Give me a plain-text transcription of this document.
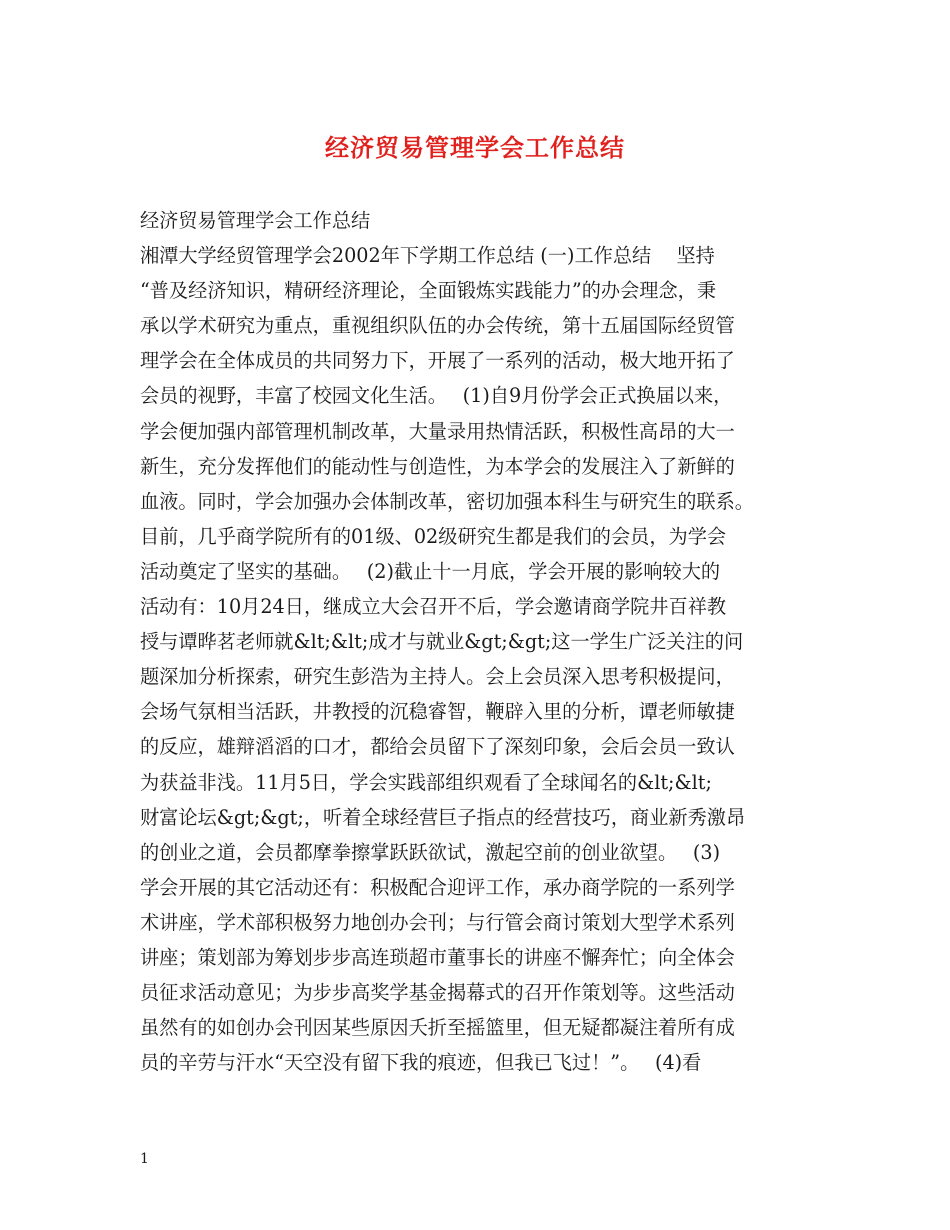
经济贸易管理学会工作总结
经济贸易管理学会工作总结
湘潭大学经贸管理学会2002年下学期工作总结 (一)工作总结　 坚持
“普及经济知识，精研经济理论，全面锻炼实践能力”的办会理念，秉
承以学术研究为重点，重视组织队伍的办会传统，第十五届国际经贸管
理学会在全体成员的共同努力下，开展了一系列的活动，极大地开拓了
会员的视野，丰富了校园文化生活。　 (1)自9月份学会正式换届以来，
学会便加强内部管理机制改革，大量录用热情活跃，积极性高昂的大一
新生，充分发挥他们的能动性与创造性，为本学会的发展注入了新鲜的
血液。同时，学会加强办会体制改革，密切加强本科生与研究生的联系。
目前，几乎商学院所有的01级、02级研究生都是我们的会员，为学会
活动奠定了坚实的基础。　 (2)截止十一月底，学会开展的影响较大的
活动有：10月24日，继成立大会召开不后，学会邀请商学院井百祥教
授与谭晔茗老师就&lt;&lt;成才与就业&gt;&gt;这一学生广泛关注的问
题深加分析探索，研究生彭浩为主持人。会上会员深入思考积极提问，
会场气氛相当活跃，井教授的沉稳睿智，鞭辟入里的分析，谭老师敏捷
的反应，雄辩滔滔的口才，都给会员留下了深刻印象，会后会员一致认
为获益非浅。11月5日，学会实践部组织观看了全球闻名的&lt;&lt;
财富论坛&gt;&gt;，听着全球经营巨子指点的经营技巧，商业新秀激昂
的创业之道，会员都摩拳擦掌跃跃欲试，激起空前的创业欲望。　 (3)
学会开展的其它活动还有：积极配合迎评工作，承办商学院的一系列学
术讲座，学术部积极努力地创办会刊；与行管会商讨策划大型学术系列
讲座；策划部为筹划步步高连琐超市董事长的讲座不懈奔忙；向全体会
员征求活动意见；为步步高奖学基金揭幕式的召开作策划等。这些活动
虽然有的如创办会刊因某些原因夭折至摇篮里，但无疑都凝注着所有成
员的辛劳与汗水“天空没有留下我的痕迹，但我已飞过！”。　 (4)看
1
